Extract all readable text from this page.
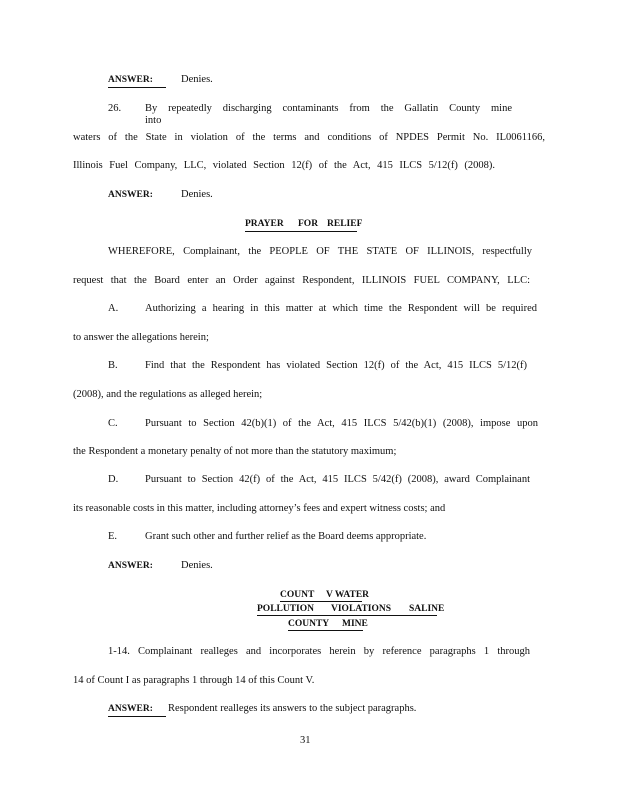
ANSWER:	Denies.
26. By repeatedly discharging contaminants from the Gallatin County mine into
waters of the State in violation of the terms and conditions of NPDES Permit No. IL0061166,
Illinois Fuel Company, LLC, violated Section 12(f) of the Act, 415 ILCS 5/12(f) (2008).
ANSWER:	Denies.
PRAYER FOR RELIEF
WHEREFORE, Complainant, the PEOPLE OF THE STATE OF ILLINOIS, respectfully
request that the Board enter an Order against Respondent, ILLINOIS FUEL COMPANY, LLC:
A.	Authorizing a hearing in this matter at which time the Respondent will be required
to answer the allegations herein;
B.	Find that the Respondent has violated Section 12(f) of the Act, 415 ILCS 5/12(f)
(2008), and the regulations as alleged herein;
C.	Pursuant to Section 42(b)(1) of the Act, 415 ILCS 5/42(b)(1) (2008), impose upon
the Respondent a monetary penalty of not more than the statutory maximum;
D.	Pursuant to Section 42(f) of the Act, 415 ILCS 5/42(f) (2008), award Complainant
its reasonable costs in this matter, including attorney’s fees and expert witness costs; and
E.	Grant such other and further relief as the Board deems appropriate.
ANSWER:	Denies.
COUNT V WATER
POLLUTION VIOLATIONS SALINE
COUNTY MINE
1-14. Complainant realleges and incorporates herein by reference paragraphs 1 through
14 of Count I as paragraphs 1 through 14 of this Count V.
ANSWER: Respondent realleges its answers to the subject paragraphs.
31
